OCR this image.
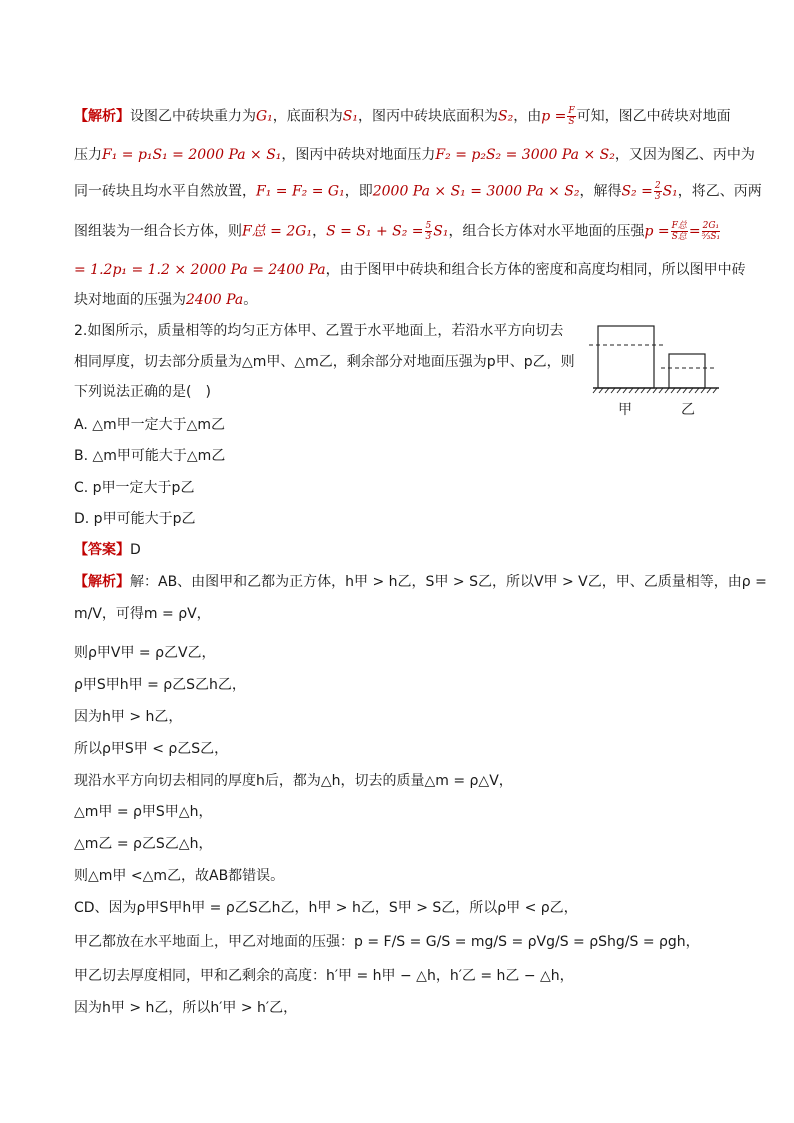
【解析】设图乙中砖块重力为G₁，底面积为S₁，图丙中砖块底面积为S₂，由$p = \frac{F}{S}$ 可知，图乙中砖块对地面
压力F₁ = p₁S₁ = 2000 Pa × S₁，图丙中砖块对地面压力F₂ = p₂S₂ = 3000 Pa × S₂，又因为图乙、丙中为
同一砖块且均水平自然放置，F₁ = F₂ = G₁，即2000 Pa × S₁ = 3000 Pa × S₂，解得$S_2 = \frac{2}{3} S_1$，将乙、丙两
图组装为一组合长方体，则F总 = 2G₁，$S = S_1 + S_2 = \frac{5}{3} S_1$，组合长方体对水平地面的压强$p = \frac{\text{F总}}{\text{S总}} = \frac{\text{2G₁}}{\text{⁵⁄₃S₁}}$
= 1.2p₁ = 1.2 × 2000 Pa = 2400 Pa，由于图甲中砖块和组合长方体的密度和高度均相同，所以图甲中砖
块对地面的压强为2400 Pa。
2.如图所示，质量相等的均匀正方体甲、乙置于水平地面上，若沿水平方向切去
相同厚度，切去部分质量为△m甲、△m乙，剩余部分对地面压强为p甲、p乙，则
下列说法正确的是(　)
A. △m甲一定大于△m乙
B. △m甲可能大于△m乙
C. p甲一定大于p乙
D. p甲可能大于p乙
甲	乙
【答案】D
【解析】解：AB、由图甲和乙都为正方体，h甲 > h乙，S甲 > S乙，所以V甲 > V乙，甲、乙质量相等，由ρ =
m/V，可得m = ρV，
则ρ甲V甲 = ρ乙V乙，
ρ甲S甲h甲 = ρ乙S乙h乙，
因为h甲 > h乙，
所以ρ甲S甲 < ρ乙S乙，
现沿水平方向切去相同的厚度h后，都为△h，切去的质量△m = ρ△V，
△m甲 = ρ甲S甲△h，
△m乙 = ρ乙S乙△h，
则△m甲 <△m乙，故AB都错误。
CD、因为ρ甲S甲h甲 = ρ乙S乙h乙，h甲 > h乙，S甲 > S乙，所以ρ甲 < ρ乙，
甲乙都放在水平地面上，甲乙对地面的压强：p = F/S = G/S = mg/S = ρVg/S = ρShg/S = ρgh，
甲乙切去厚度相同，甲和乙剩余的高度：h′甲 = h甲 − △h，h′乙 = h乙 − △h，
因为h甲 > h乙，所以h′甲 > h′乙，
